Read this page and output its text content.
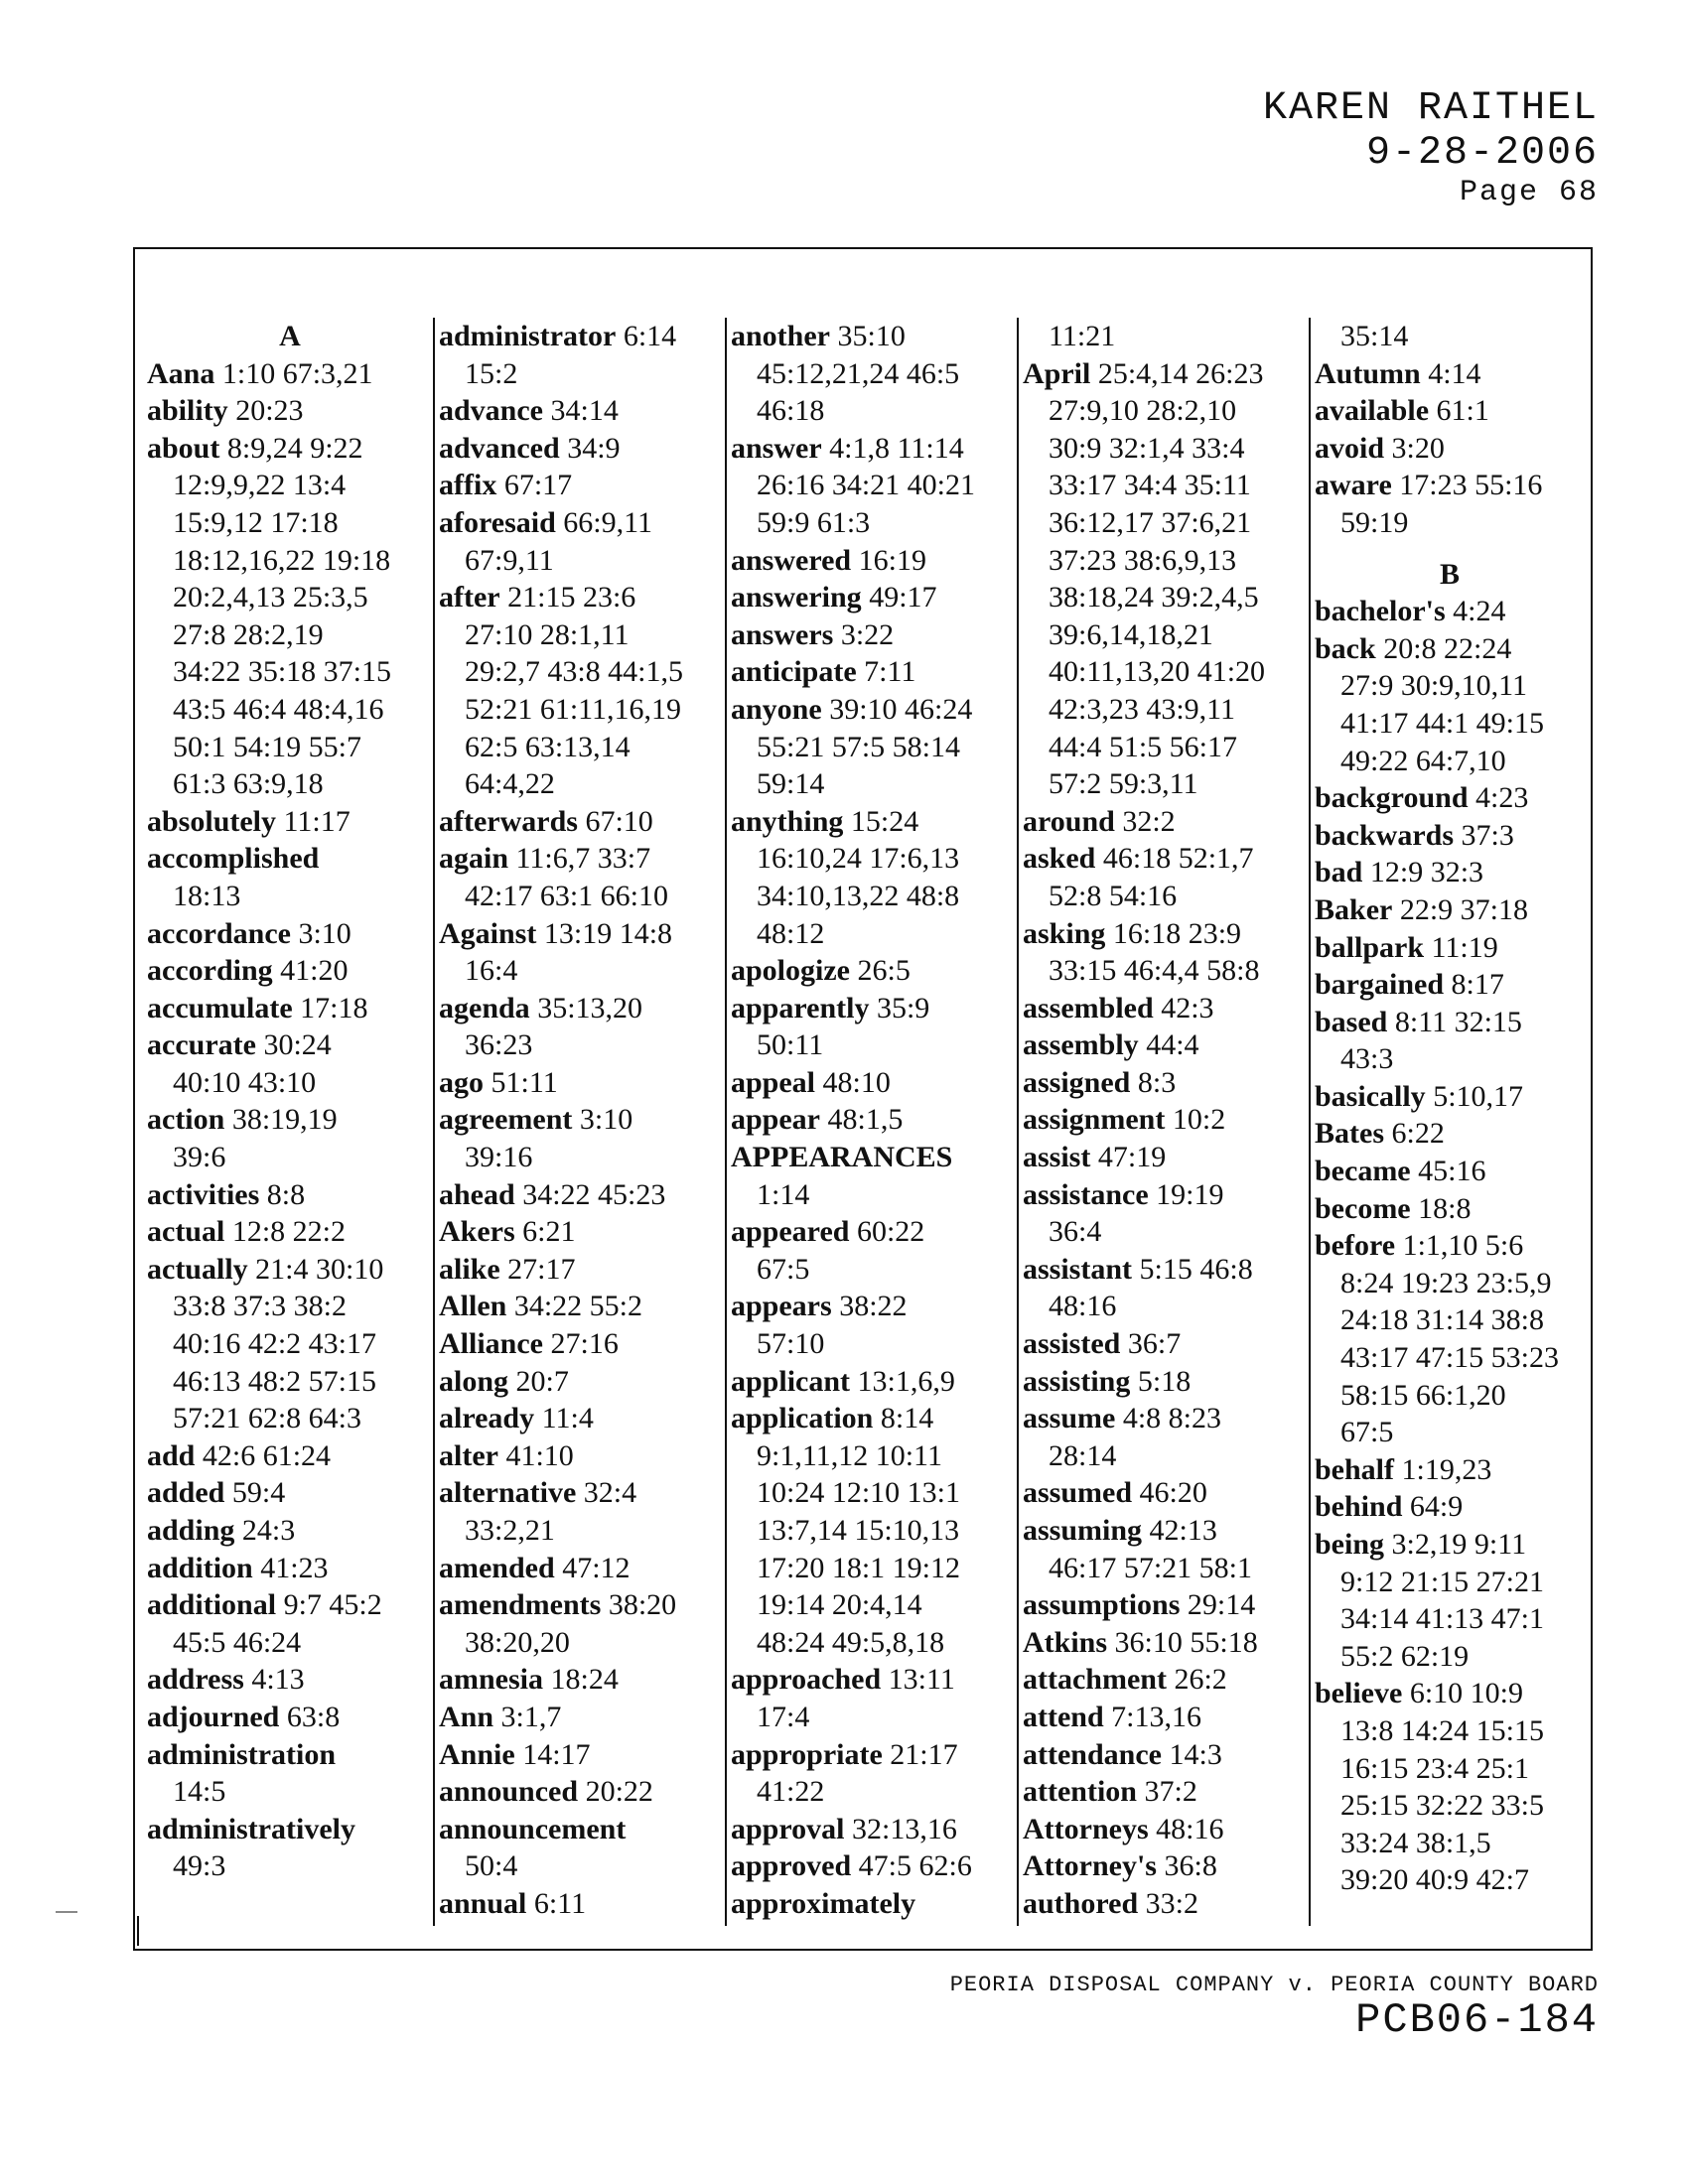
KAREN RAITHEL
9-28-2006
Page 68
A
Aana 1:10 67:3,21
ability 20:23
about 8:9,24 9:22
12:9,9,22 13:4
15:9,12 17:18
18:12,16,22 19:18
20:2,4,13 25:3,5
27:8 28:2,19
34:22 35:18 37:15
43:5 46:4 48:4,16
50:1 54:19 55:7
61:3 63:9,18
absolutely 11:17
accomplished
18:13
accordance 3:10
according 41:20
accumulate 17:18
accurate 30:24
40:10 43:10
action 38:19,19
39:6
activities 8:8
actual 12:8 22:2
actually 21:4 30:10
33:8 37:3 38:2
40:16 42:2 43:17
46:13 48:2 57:15
57:21 62:8 64:3
add 42:6 61:24
added 59:4
adding 24:3
addition 41:23
additional 9:7 45:2
45:5 46:24
address 4:13
adjourned 63:8
administration
14:5
administratively
49:3
administrator 6:14
15:2
advance 34:14
advanced 34:9
affix 67:17
aforesaid 66:9,11
67:9,11
after 21:15 23:6
27:10 28:1,11
29:2,7 43:8 44:1,5
52:21 61:11,16,19
62:5 63:13,14
64:4,22
afterwards 67:10
again 11:6,7 33:7
42:17 63:1 66:10
Against 13:19 14:8
16:4
agenda 35:13,20
36:23
ago 51:11
agreement 3:10
39:16
ahead 34:22 45:23
Akers 6:21
alike 27:17
Allen 34:22 55:2
Alliance 27:16
along 20:7
already 11:4
alter 41:10
alternative 32:4
33:2,21
amended 47:12
amendments 38:20
38:20,20
amnesia 18:24
Ann 3:1,7
Annie 14:17
announced 20:22
announcement
50:4
annual 6:11
another 35:10
45:12,21,24 46:5
46:18
answer 4:1,8 11:14
26:16 34:21 40:21
59:9 61:3
answered 16:19
answering 49:17
answers 3:22
anticipate 7:11
anyone 39:10 46:24
55:21 57:5 58:14
59:14
anything 15:24
16:10,24 17:6,13
34:10,13,22 48:8
48:12
apologize 26:5
apparently 35:9
50:11
appeal 48:10
appear 48:1,5
APPEARANCES
1:14
appeared 60:22
67:5
appears 38:22
57:10
applicant 13:1,6,9
application 8:14
9:1,11,12 10:11
10:24 12:10 13:1
13:7,14 15:10,13
17:20 18:1 19:12
19:14 20:4,14
48:24 49:5,8,18
approached 13:11
17:4
appropriate 21:17
41:22
approval 32:13,16
approved 47:5 62:6
approximately
11:21
April 25:4,14 26:23
27:9,10 28:2,10
30:9 32:1,4 33:4
33:17 34:4 35:11
36:12,17 37:6,21
37:23 38:6,9,13
38:18,24 39:2,4,5
39:6,14,18,21
40:11,13,20 41:20
42:3,23 43:9,11
44:4 51:5 56:17
57:2 59:3,11
around 32:2
asked 46:18 52:1,7
52:8 54:16
asking 16:18 23:9
33:15 46:4,4 58:8
assembled 42:3
assembly 44:4
assigned 8:3
assignment 10:2
assist 47:19
assistance 19:19
36:4
assistant 5:15 46:8
48:16
assisted 36:7
assisting 5:18
assume 4:8 8:23
28:14
assumed 46:20
assuming 42:13
46:17 57:21 58:1
assumptions 29:14
Atkins 36:10 55:18
attachment 26:2
attend 7:13,16
attendance 14:3
attention 37:2
Attorneys 48:16
Attorney's 36:8
authored 33:2
35:14
Autumn 4:14
available 61:1
avoid 3:20
aware 17:23 55:16
59:19
B
bachelor's 4:24
back 20:8 22:24
27:9 30:9,10,11
41:17 44:1 49:15
49:22 64:7,10
background 4:23
backwards 37:3
bad 12:9 32:3
Baker 22:9 37:18
ballpark 11:19
bargained 8:17
based 8:11 32:15
43:3
basically 5:10,17
Bates 6:22
became 45:16
become 18:8
before 1:1,10 5:6
8:24 19:23 23:5,9
24:18 31:14 38:8
43:17 47:15 53:23
58:15 66:1,20
67:5
behalf 1:19,23
behind 64:9
being 3:2,19 9:11
9:12 21:15 27:21
34:14 41:13 47:1
55:2 62:19
believe 6:10 10:9
13:8 14:24 15:15
16:15 23:4 25:1
25:15 32:22 33:5
33:24 38:1,5
39:20 40:9 42:7
PEORIA DISPOSAL COMPANY v. PEORIA COUNTY BOARD
PCB06-184
